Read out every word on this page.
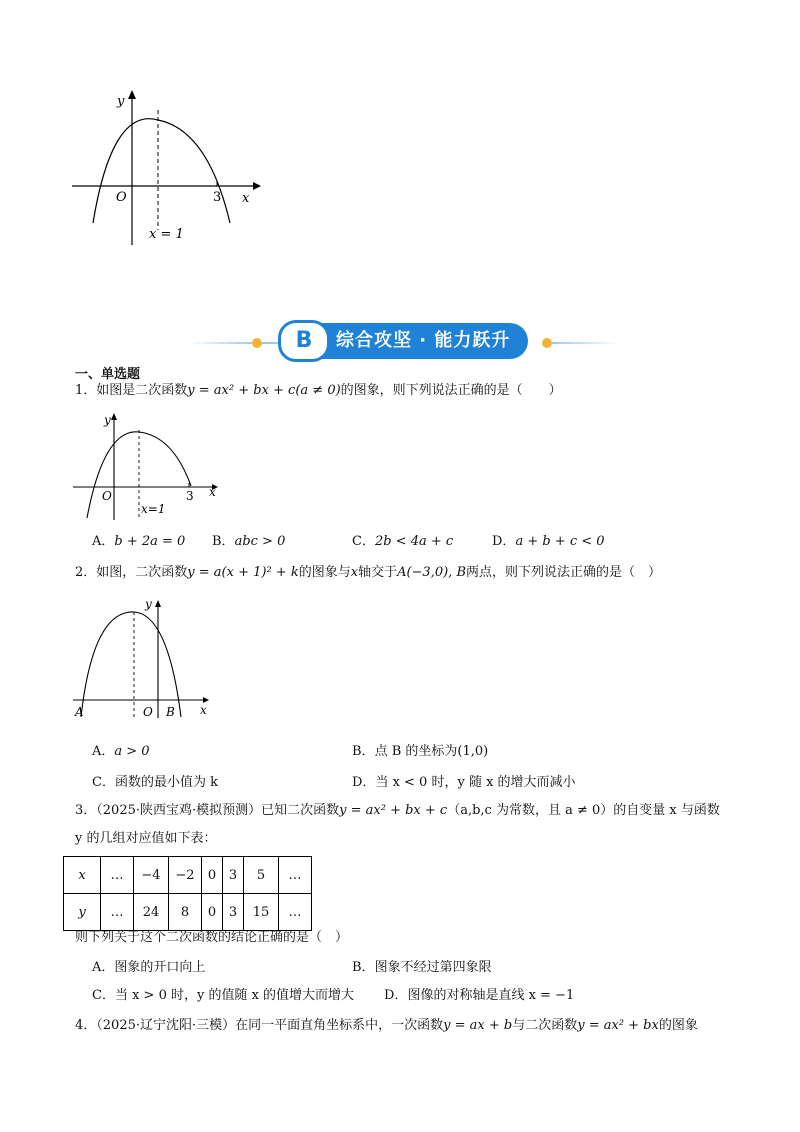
y
x
O	3
x = 1
综合攻坚 · 能力跃升
B
一、单选题
1．如图是二次函数y = ax² + bx + c(a ≠ 0)的图象，则下列说法正确的是（　　）
y
x
O	3
x=1
A．b + 2a = 0 B．abc > 0	C．2b < 4a + c	D．a + b + c < 0
2．如图，二次函数y = a(x + 1)² + k的图象与x轴交于A(−3,0), B两点，则下列说法正确的是（　）
y
x
O
A	B
A．a > 0	B．点 B 的坐标为(1,0)
C．函数的最小值为 k	D．当 x < 0 时，y 随 x 的增大而减小
3．（2025·陕西宝鸡·模拟预测）已知二次函数y = ax² + bx + c（a,b,c 为常数，且 a ≠ 0）的自变量 x 与函数
y 的几组对应值如下表：
x	…	−4	−2	0	3	5	…
y	…	24	8	0	3	15	…
则下列关于这个二次函数的结论正确的是（　）
A．图象的开口向上	B．图象不经过第四象限
C．当 x > 0 时，y 的值随 x 的值增大而增大 D．图像的对称轴是直线 x = −1
4．（2025·辽宁沈阳·三模）在同一平面直角坐标系中，一次函数y = ax + b与二次函数y = ax² + bx的图象
